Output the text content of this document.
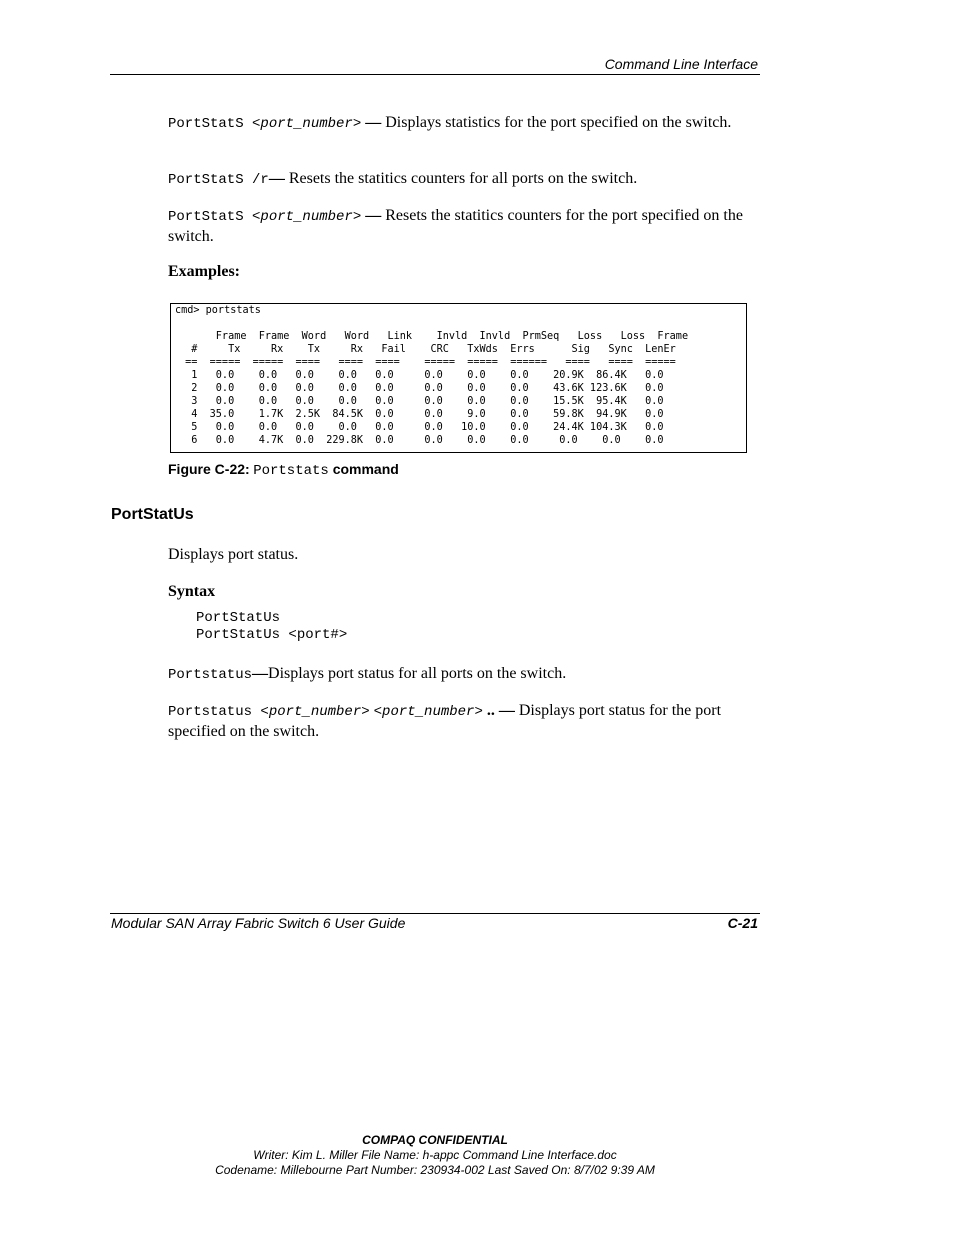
Command Line Interface
PortStatS <port_number> — Displays statistics for the port specified on the switch.
PortStatS /r— Resets the statitics counters for all ports on the switch.
PortStatS <port_number> — Resets the statitics counters for the port specified on the switch.
Examples:
cmd> portstats
Frame  Frame  Word   Word   Link    Invld  Invld  PrmSeq   Loss   Loss  Frame
#     Tx     Rx    Tx     Rx   Fail    CRC   TxWds  Errs      Sig   Sync  LenEr
==  =====  =====  ====   ====  ====    =====  =====  ======   ====   ====  =====
1   0.0    0.0   0.0    0.0   0.0     0.0    0.0    0.0    20.9K  86.4K   0.0
2   0.0    0.0   0.0    0.0   0.0     0.0    0.0    0.0    43.6K 123.6K   0.0
3   0.0    0.0   0.0    0.0   0.0     0.0    0.0    0.0    15.5K  95.4K   0.0
4  35.0    1.7K  2.5K  84.5K  0.0     0.0    9.0    0.0    59.8K  94.9K   0.0
5   0.0    0.0   0.0    0.0   0.0     0.0   10.0    0.0    24.4K 104.3K   0.0
6   0.0    4.7K  0.0  229.8K  0.0     0.0    0.0    0.0     0.0    0.0    0.0
Figure C-22: Portstats command
PortStatUs
Displays port status.
Syntax
PortStatUs
PortStatUs <port#>
Portstatus—Displays port status for all ports on the switch.
Portstatus <port_number> <port_number> .. — Displays port status for the port specified on the switch.
Modular SAN Array Fabric Switch 6 User Guide	C-21
COMPAQ CONFIDENTIAL
Writer: Kim L. Miller File Name: h-appc Command Line Interface.doc
Codename: Millebourne Part Number: 230934-002 Last Saved On: 8/7/02 9:39 AM
